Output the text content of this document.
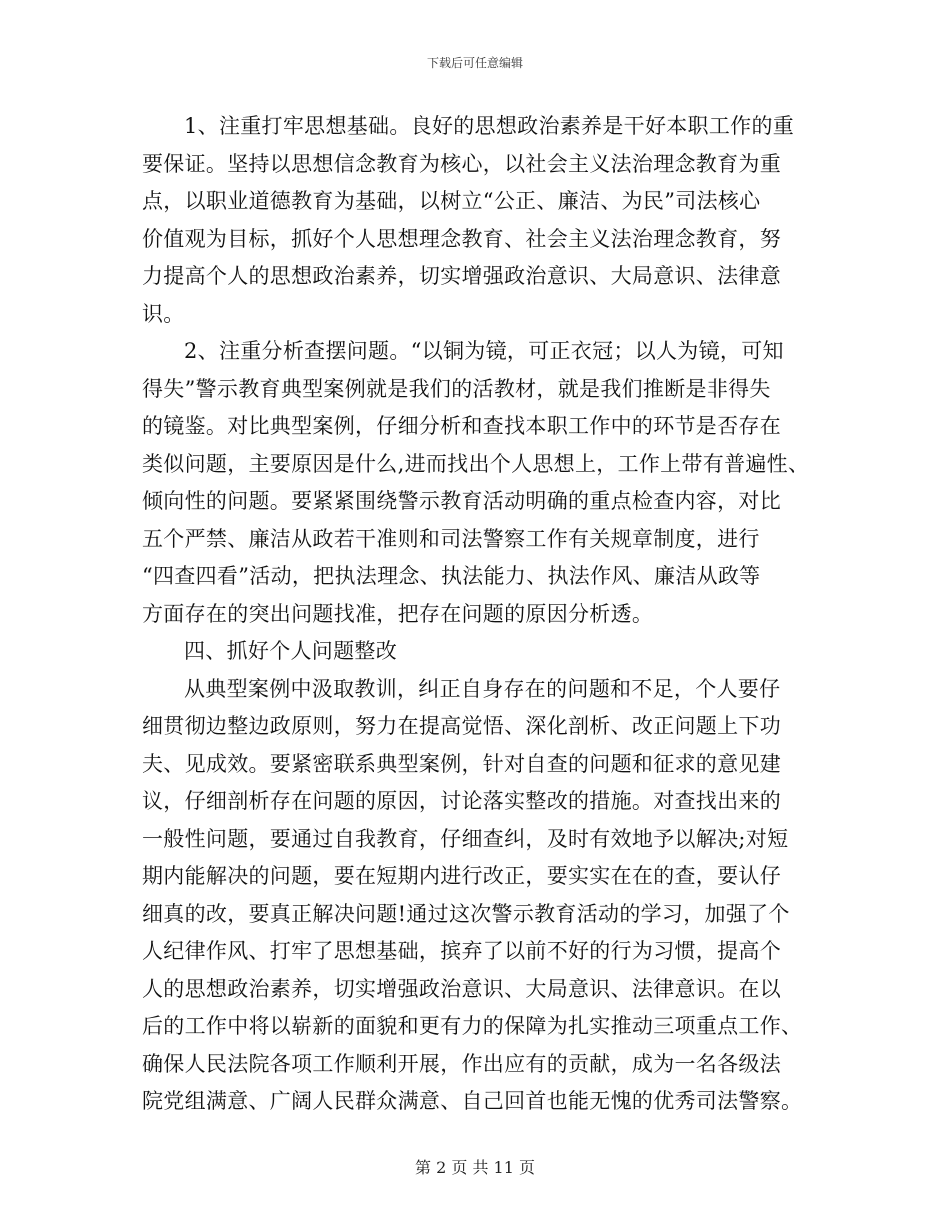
下载后可任意编辑
1、注重打牢思想基础。良好的思想政治素养是干好本职工作的重
要保证。坚持以思想信念教育为核心，以社会主义法治理念教育为重
点，以职业道德教育为基础，以树立“公正、廉洁、为民”司法核心
价值观为目标，抓好个人思想理念教育、社会主义法治理念教育，努
力提高个人的思想政治素养，切实增强政治意识、大局意识、法律意
识。
2、注重分析查摆问题。“以铜为镜，可正衣冠；以人为镜，可知
得失”警示教育典型案例就是我们的活教材，就是我们推断是非得失
的镜鉴。对比典型案例，仔细分析和查找本职工作中的环节是否存在
类似问题，主要原因是什么,进而找出个人思想上，工作上带有普遍性、
倾向性的问题。要紧紧围绕警示教育活动明确的重点检查内容，对比
五个严禁、廉洁从政若干准则和司法警察工作有关规章制度，进行
“四查四看”活动，把执法理念、执法能力、执法作风、廉洁从政等
方面存在的突出问题找准，把存在问题的原因分析透。
四、抓好个人问题整改
从典型案例中汲取教训，纠正自身存在的问题和不足，个人要仔
细贯彻边整边政原则，努力在提高觉悟、深化剖析、改正问题上下功
夫、见成效。要紧密联系典型案例，针对自查的问题和征求的意见建
议，仔细剖析存在问题的原因，讨论落实整改的措施。对查找出来的
一般性问题，要通过自我教育，仔细查纠，及时有效地予以解决;对短
期内能解决的问题，要在短期内进行改正，要实实在在的查，要认仔
细真的改，要真正解决问题!通过这次警示教育活动的学习，加强了个
人纪律作风、打牢了思想基础，摈弃了以前不好的行为习惯，提高个
人的思想政治素养，切实增强政治意识、大局意识、法律意识。在以
后的工作中将以崭新的面貌和更有力的保障为扎实推动三项重点工作、
确保人民法院各项工作顺利开展，作出应有的贡献，成为一名各级法
院党组满意、广阔人民群众满意、自己回首也能无愧的优秀司法警察。
第 2 页 共 11 页
